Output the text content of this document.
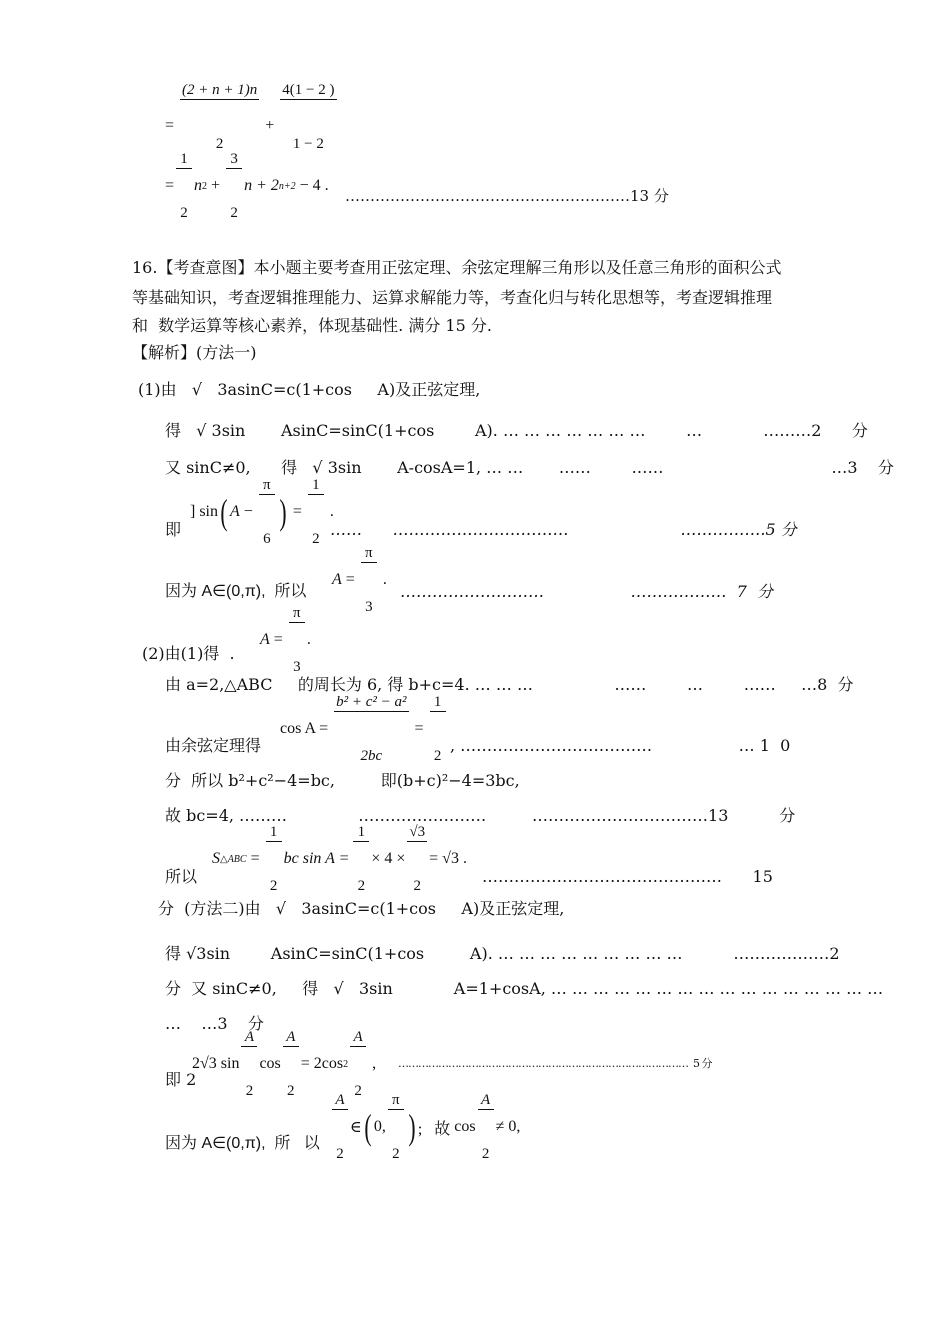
=

$\frac{(2 + n + 1)n}{2}$

+

$\frac{4(1 - 2 )}{1 - 2}$

=

$\frac{1}{2}$

n 2 +

$\frac{3}{2}$

n + 2 n+2 − 4 .
…………………………………………………13 分
16.【考查意图】本小题主要考查用正弦定理、余弦定理解三角形以及任意三角形的面积公式
等基础知识，考查逻辑推理能力、运算求解能力等，考查化归与转化思想等，考查逻辑推理
和  数学运算等核心素养，体现基础性. 满分 15 分.
【解析】(方法一)
(1)由   √   3asinC=c(1+cos     A)及正弦定理,
得   √ 3sin       AsinC=sinC(1+cos        A). … … … … … … …        …            ………2      分
又 sinC≠0,      得   √ 3sin       A-cosA=1, … …       ……        ……                                 …3    分
即
] sin ( A −

$\frac{\pi}{6}$

) =

$\frac{1}{2}$

.
……      ……………………………                      …………….5 分
因为 A∈(0,π),  所以
A =

$\frac{\pi}{3}$

.
………………………                 ………………  7  分
(2)由(1)得  .
A =

$\frac{\pi}{3}$

.
由 a=2,△ABC     的周长为 6, 得 b+c=4. … … …                ……        …        ……     …8  分
由余弦定理得
cos A =

$\frac{\text{b² + c² − a²}}{2bc}$

=

$\frac{1}{2}$

, ………………………………                 … 1  0
分  所以 b²+c²−4=bc,         即(b+c)²−4=3bc,
故 bc=4, ………              ……………………         ……………………………13          分
所以
S △ABC =

$\frac{1}{2}$

bc sin A =

$\frac{1}{2}$

× 4 ×

$\frac{√3}{2}$

= √3 .
………………………………………      15
分  (方法二)由   √   3asinC=c(1+cos     A)及正弦定理,
得 √3sin        AsinC=sinC(1+cos         A). … … … … … … … … …          ………………2
分  又 sinC≠0,     得   √   3sin            A=1+cosA, … … … … … … … … … … … … … … … …
…    …3    分
即 2
2√3 sin

$\frac{A}{2}$

cos

$\frac{A}{2}$

= 2cos 2

$\frac{A}{2}$

, ……………………………………………………………………………  5 分
因为 A∈(0,π),  所   以

$\frac{A}{2}$

∈ ( 0,

$\frac{\pi}{2}$

) ;   故
cos

$\frac{A}{2}$

≠ 0 ,
